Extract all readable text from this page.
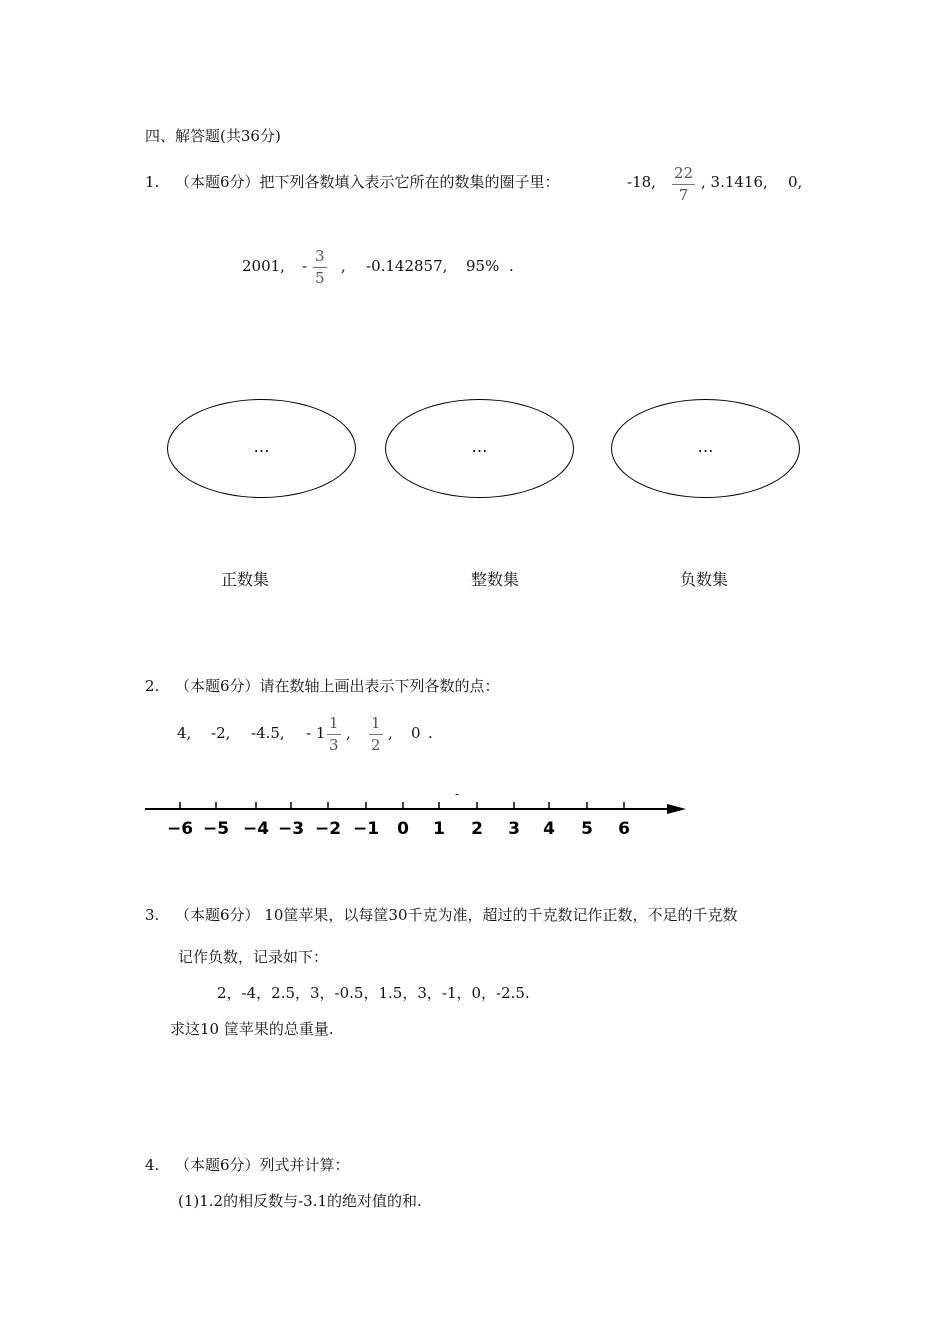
四、解答题(共36分)
1. （本题6分）把下列各数填入表示它所在的数集的圈子里：	-18, $\frac{22}{7}$ , 3.1416, 0,
2001, - $\frac{3}{5}$ , -0.142857, 95% .
…	…	…
正数集	整数集	负数集
2. （本题6分）请在数轴上画出表示下列各数的点：
4, -2, -4.5, - $1 \frac{1}{3}$ , $\frac{1}{2}$ , 0 .
-
−6 −5 −4 −3 −2 −1 0 1 2 3 4 5 6
3. （本题6分） 10筐苹果，以每筐30千克为准，超过的千克数记作正数，不足的千克数
记作负数，记录如下：
2，-4，2.5，3，-0.5，1.5，3，-1，0，-2.5.
求这10 筐苹果的总重量.
4. （本题6分）列式并计算：
(1)1.2的相反数与-3.1的绝对值的和.
